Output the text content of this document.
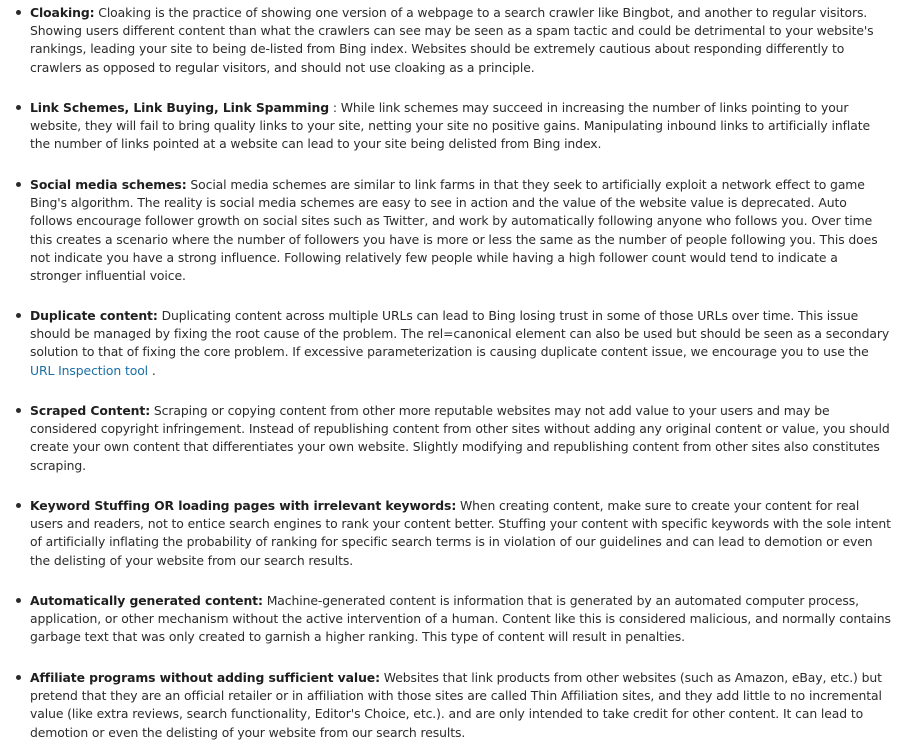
Cloaking: Cloaking is the practice of showing one version of a webpage to a search crawler like Bingbot, and another to regular visitors. Showing users different content than what the crawlers can see may be seen as a spam tactic and could be detrimental to your website's rankings, leading your site to being de-listed from Bing index. Websites should be extremely cautious about responding differently to crawlers as opposed to regular visitors, and should not use cloaking as a principle.

Link Schemes, Link Buying, Link Spamming : While link schemes may succeed in increasing the number of links pointing to your website, they will fail to bring quality links to your site, netting your site no positive gains. Manipulating inbound links to artificially inflate the number of links pointed at a website can lead to your site being delisted from Bing index.

Social media schemes: Social media schemes are similar to link farms in that they seek to artificially exploit a network effect to game Bing's algorithm. The reality is social media schemes are easy to see in action and the value of the website value is deprecated. Auto follows encourage follower growth on social sites such as Twitter, and work by automatically following anyone who follows you. Over time this creates a scenario where the number of followers you have is more or less the same as the number of people following you. This does not indicate you have a strong influence. Following relatively few people while having a high follower count would tend to indicate a stronger influential voice.

Duplicate content: Duplicating content across multiple URLs can lead to Bing losing trust in some of those URLs over time. This issue should be managed by fixing the root cause of the problem. The rel=canonical element can also be used but should be seen as a secondary solution to that of fixing the core problem. If excessive parameterization is causing duplicate content issue, we encourage you to use the URL Inspection tool .

Scraped Content: Scraping or copying content from other more reputable websites may not add value to your users and may be considered copyright infringement. Instead of republishing content from other sites without adding any original content or value, you should create your own content that differentiates your own website. Slightly modifying and republishing content from other sites also constitutes scraping.

Keyword Stuffing OR loading pages with irrelevant keywords: When creating content, make sure to create your content for real users and readers, not to entice search engines to rank your content better. Stuffing your content with specific keywords with the sole intent of artificially inflating the probability of ranking for specific search terms is in violation of our guidelines and can lead to demotion or even the delisting of your website from our search results.

Automatically generated content: Machine-generated content is information that is generated by an automated computer process, application, or other mechanism without the active intervention of a human. Content like this is considered malicious, and normally contains garbage text that was only created to garnish a higher ranking. This type of content will result in penalties.

Affiliate programs without adding sufficient value: Websites that link products from other websites (such as Amazon, eBay, etc.) but pretend that they are an official retailer or in affiliation with those sites are called Thin Affiliation sites, and they add little to no incremental value (like extra reviews, search functionality, Editor's Choice, etc.). and are only intended to take credit for other content. It can lead to demotion or even the delisting of your website from our search results.
